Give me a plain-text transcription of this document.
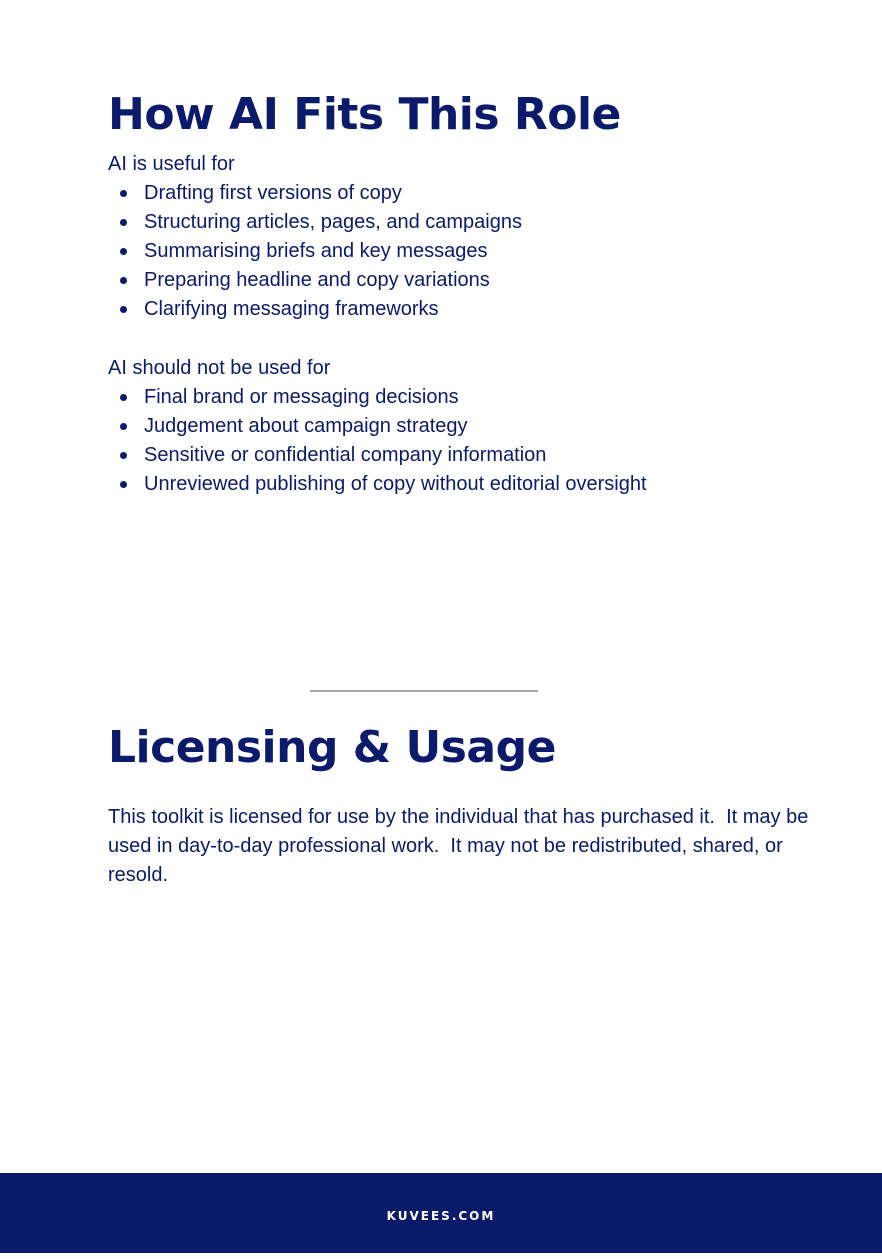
How AI Fits This Role

AI is useful for

Drafting first versions of copy
Structuring articles, pages, and campaigns
Summarising briefs and key messages
Preparing headline and copy variations
Clarifying messaging frameworks

AI should not be used for

Final brand or messaging decisions
Judgement about campaign strategy
Sensitive or confidential company information
Unreviewed publishing of copy without editorial oversight
Licensing & Usage

This toolkit is licensed for use by the individual that has purchased it.  It may be used in day-to-day professional work.  It may not be redistributed, shared, or resold.

KUVEES.COM
